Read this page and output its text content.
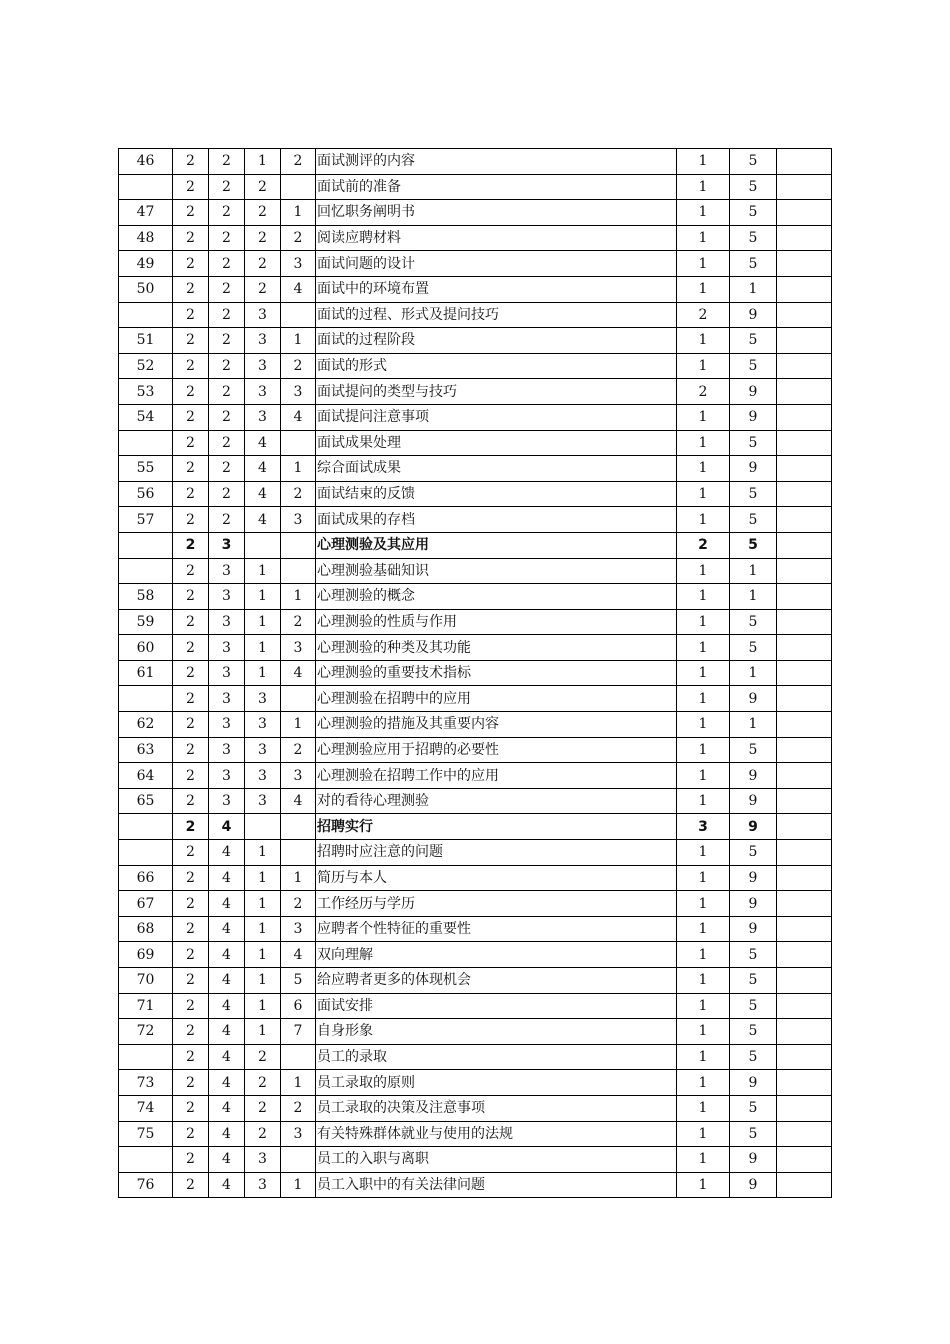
46	2	2	1	2	面试测评的内容	1	5	
	2	2	2		面试前的准备	1	5	
47	2	2	2	1	回忆职务阐明书	1	5	
48	2	2	2	2	阅读应聘材料	1	5	
49	2	2	2	3	面试问题的设计	1	5	
50	2	2	2	4	面试中的环境布置	1	1	
	2	2	3		面试的过程、形式及提问技巧	2	9	
51	2	2	3	1	面试的过程阶段	1	5	
52	2	2	3	2	面试的形式	1	5	
53	2	2	3	3	面试提问的类型与技巧	2	9	
54	2	2	3	4	面试提问注意事项	1	9	
	2	2	4		面试成果处理	1	5	
55	2	2	4	1	综合面试成果	1	9	
56	2	2	4	2	面试结束的反馈	1	5	
57	2	2	4	3	面试成果的存档	1	5	
	2	3			心理测验及其应用	2	5	
	2	3	1		心理测验基础知识	1	1	
58	2	3	1	1	心理测验的概念	1	1	
59	2	3	1	2	心理测验的性质与作用	1	5	
60	2	3	1	3	心理测验的种类及其功能	1	5	
61	2	3	1	4	心理测验的重要技术指标	1	1	
	2	3	3		心理测验在招聘中的应用	1	9	
62	2	3	3	1	心理测验的措施及其重要内容	1	1	
63	2	3	3	2	心理测验应用于招聘的必要性	1	5	
64	2	3	3	3	心理测验在招聘工作中的应用	1	9	
65	2	3	3	4	对的看待心理测验	1	9	
	2	4			招聘实行	3	9	
	2	4	1		招聘时应注意的问题	1	5	
66	2	4	1	1	简历与本人	1	9	
67	2	4	1	2	工作经历与学历	1	9	
68	2	4	1	3	应聘者个性特征的重要性	1	9	
69	2	4	1	4	双向理解	1	5	
70	2	4	1	5	给应聘者更多的体现机会	1	5	
71	2	4	1	6	面试安排	1	5	
72	2	4	1	7	自身形象	1	5	
	2	4	2		员工的录取	1	5	
73	2	4	2	1	员工录取的原则	1	9	
74	2	4	2	2	员工录取的决策及注意事项	1	5	
75	2	4	2	3	有关特殊群体就业与使用的法规	1	5	
	2	4	3		员工的入职与离职	1	9	
76	2	4	3	1	员工入职中的有关法律问题	1	9	
